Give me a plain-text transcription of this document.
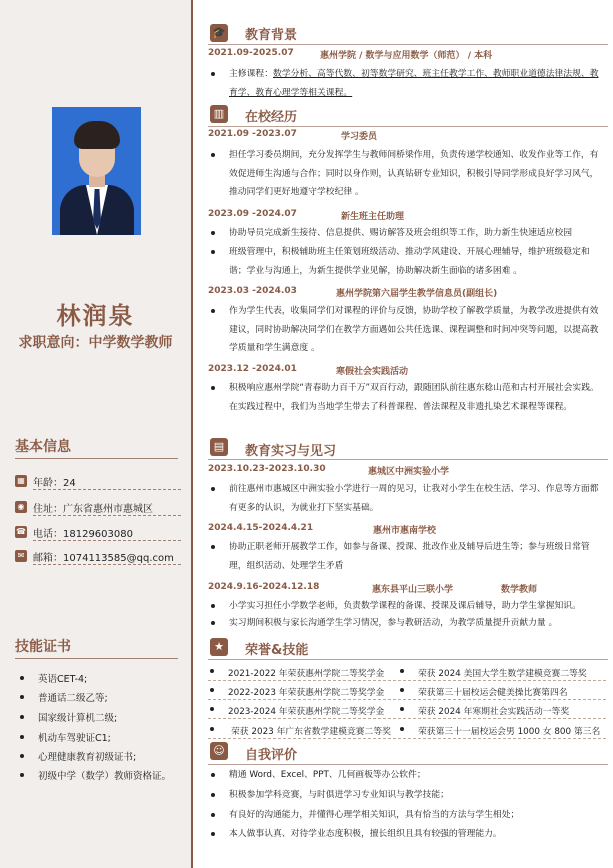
林润泉
求职意向：中学数学教师
基本信息
▦ 年龄：24
◉ 住址：广东省惠州市惠城区
☎ 电话：18129603080
✉ 邮箱：1074113585@qq.com
技能证书
英语CET-4;
普通话二级乙等;
国家级计算机二级;
机动车驾驶证C1;
心理健康教育初级证书;
初级中学（数学）教师资格证。
🎓 教育背景
2021.09-2025.07	惠州学院 / 数学与应用数学（师范） / 本科
主修课程：数学分析、高等代数、初等数学研究、班主任教学工作、教师职业道德法律法规、教育学、教育心理学等相关课程。
▥ 在校经历
2021.09 -2023.07	学习委员
担任学习委员期间，充分发挥学生与教师间桥梁作用，负责传递学校通知、收发作业等工作，有效促进师生沟通与合作；同时以身作则，认真钻研专业知识，积极引导同学形成良好学习风气，推动同学们更好地遵守学校纪律 。
2023.09 -2024.07	新生班主任助理
协助导员完成新生接待、信息提供、赐访解答及班会组织等工作，助力新生快速适应校园
班级管理中，积极辅助班主任策划班级活动、推动学风建设、开展心理辅导，维护班级稳定和谐；学业与沟通上，为新生提供学业见解，协助解决新生面临的诸多困难 。
2023.03 -2024.03	惠州学院第六届学生教学信息员(副组长)
作为学生代表，收集同学们对课程的评价与反馈，协助学校了解教学质量，为教学改进提供有效建议，同时协助解决同学们在教学方面遇如公共任选课、课程调整和时间冲突等问题，以提高教学质量和学生满意度 。
2023.12 -2024.01	寒假社会实践活动
积极响应惠州学院“青春助力百千万”双百行动，跟随团队前往惠东稔山范和古村开展社会实践。在实践过程中，我们为当地学生带去了科普课程、普法课程及非遗扎染艺术课程等课程。
▤ 教育实习与见习
2023.10.23-2023.10.30	惠城区中洲实验小学
前往惠州市惠城区中洲实验小学进行一周的见习，让我对小学生在校生活、学习、作息等方面都有更多的认识，为就业打下坚实基础。
2024.4.15-2024.4.21	惠州市惠南学校
协助正职老师开展教学工作，如参与备课、授课、批改作业及辅导后进生等；参与班级日常管理，组织活动、处理学生矛盾
2024.9.16-2024.12.18	惠东县平山三联小学	数学教师
小学实习担任小学数学老师，负责数学课程的备课、授课及课后辅导，助力学生掌握知识。
实习期间积极与家长沟通学生学习情况，参与教研活动，为教学质量提升贡献力量 。
★	荣誉&技能
2021-2022 年荣获惠州学院二等奖学金	荣获 2024 美国大学生数学建模竞赛二等奖
2022-2023 年荣获惠州学院二等奖学金	荣获第三十届校运会健美操比赛第四名
2023-2024 年荣获惠州学院二等奖学金	荣获 2024 年寒期社会实践活动一等奖
荣获 2023 年广东省数学建模竞赛二等奖	荣获第三十一届校运会男 1000 女 800 第三名
☺ 自我评价
精通 Word、Excel、PPT、几何画板等办公软件；
积极参加学科竞赛，与时俱进学习专业知识与教学技能；
有良好的沟通能力，并懂得心理学相关知识，具有恰当的方法与学生相处；
本人做事认真、对待学业态度积极，擅长组织且具有较强的管理能力。
